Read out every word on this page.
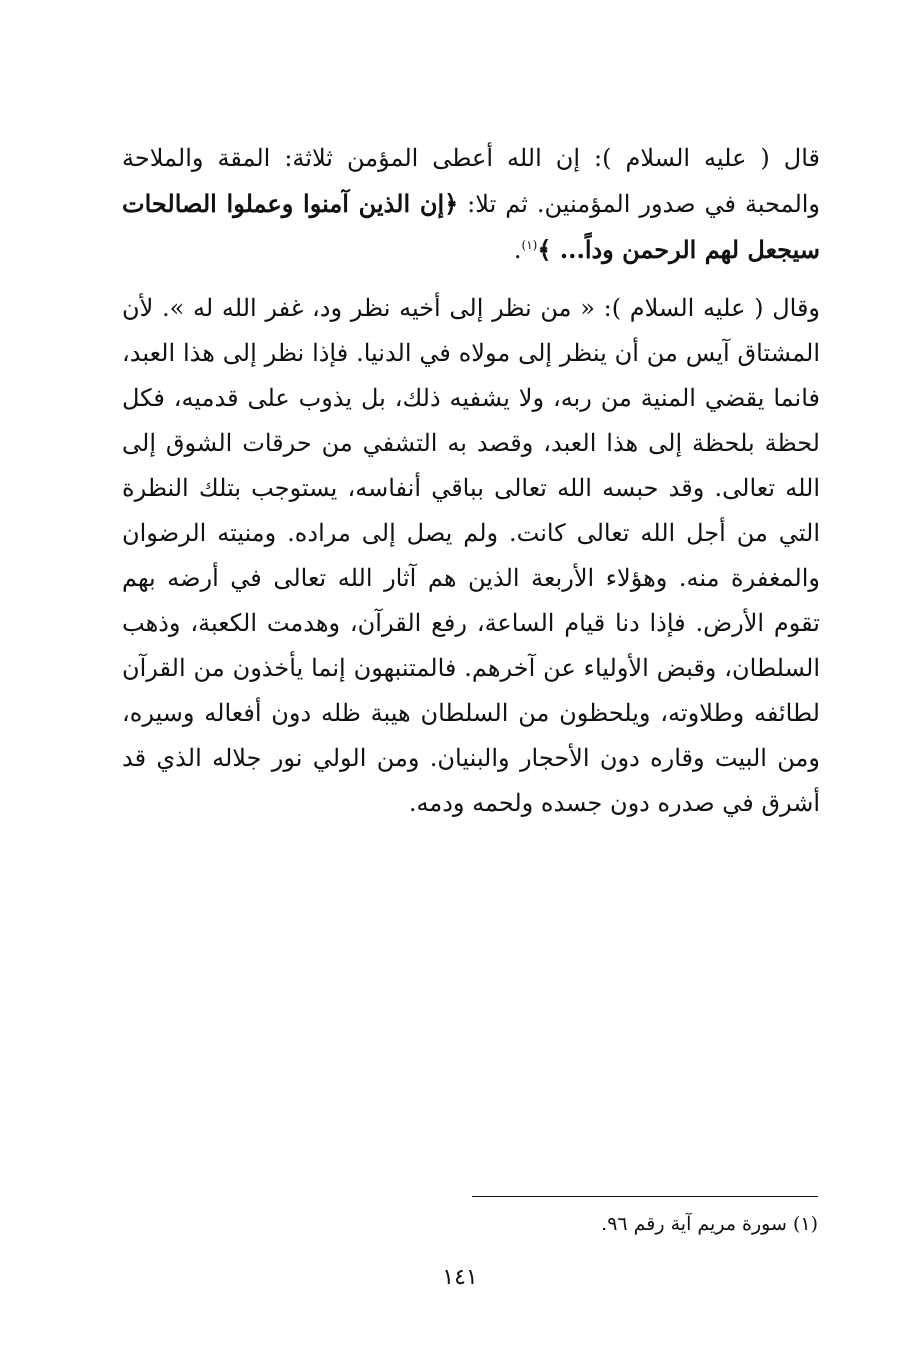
قال ( عليه السلام ): إن الله أعطى المؤمن ثلاثة: المقة والملاحة والمحبة في صدور المؤمنين. ثم تلا: ﴿إن الذين آمنوا وعملوا الصالحات سيجعل لهم الرحمن وداً... ﴾$^{(١)}$.

وقال ( عليه السلام ): « من نظر إلى أخيه نظر ود، غفر الله له ». لأن المشتاق آيس من أن ينظر إلى مولاه في الدنيا. فإذا نظر إلى هذا العبد، فانما يقضي المنية من ربه، ولا يشفيه ذلك، بل يذوب على قدميه، فكل لحظة بلحظة إلى هذا العبد، وقصد به التشفي من حرقات الشوق إلى الله تعالى. وقد حبسه الله تعالى بباقي أنفاسه، يستوجب بتلك النظرة التي من أجل الله تعالى كانت. ولم يصل إلى مراده. ومنيته الرضوان والمغفرة منه. وهؤلاء الأربعة الذين هم آثار الله تعالى في أرضه بهم تقوم الأرض. فإذا دنا قيام الساعة، رفع القرآن، وهدمت الكعبة، وذهب السلطان، وقبض الأولياء عن آخرهم. فالمتنبهون إنما يأخذون من القرآن لطائفه وطلاوته، ويلحظون من السلطان هيبة ظله دون أفعاله وسيره، ومن البيت وقاره دون الأحجار والبنيان. ومن الولي نور جلاله الذي قد أشرق في صدره دون جسده ولحمه ودمه.

(١) سورة مريم آية رقم ٩٦.
١٤١
